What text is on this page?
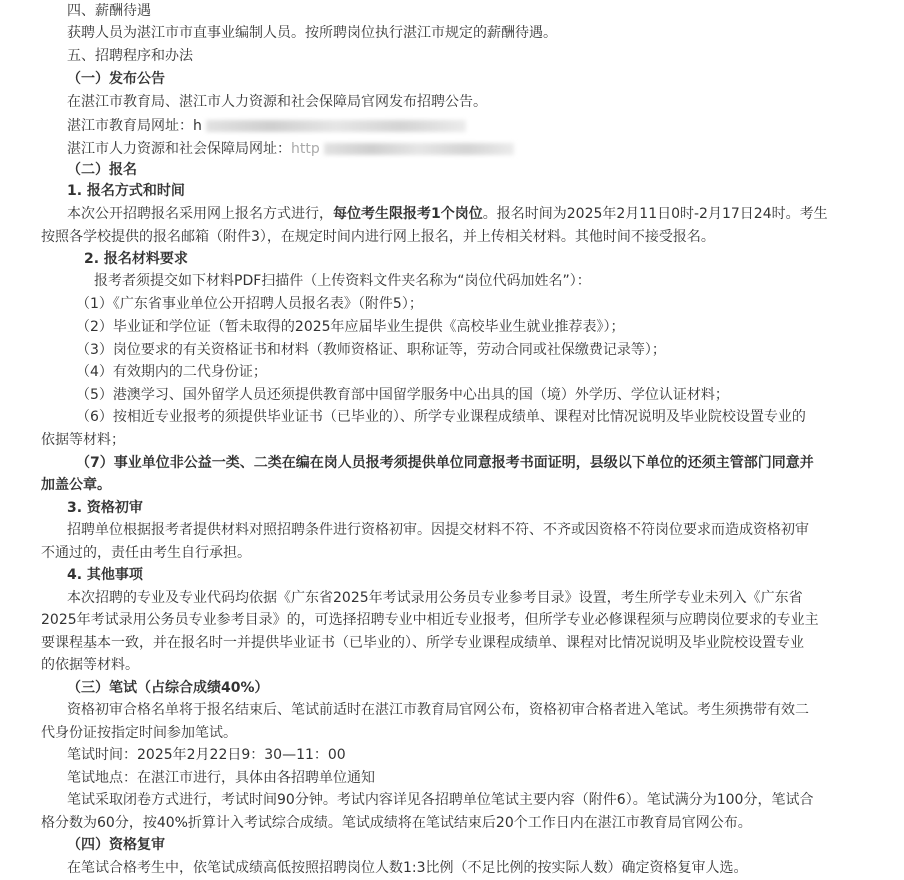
四、薪酬待遇
获聘人员为湛江市市直事业编制人员。按所聘岗位执行湛江市规定的薪酬待遇。
五、招聘程序和办法
（一）发布公告
在湛江市教育局、湛江市人力资源和社会保障局官网发布招聘公告。
湛江市教育局网址：h
湛江市人力资源和社会保障局网址：http
（二）报名
1. 报名方式和时间
本次公开招聘报名采用网上报名方式进行，每位考生限报考1个岗位。报名时间为2025年2月11日0时-2月17日24时。考生
按照各学校提供的报名邮箱（附件3），在规定时间内进行网上报名，并上传相关材料。其他时间不接受报名。
2. 报名材料要求
报考者须提交如下材料PDF扫描件（上传资料文件夹名称为“岗位代码加姓名”）：
（1）《广东省事业单位公开招聘人员报名表》（附件5）；
（2）毕业证和学位证（暂未取得的2025年应届毕业生提供《高校毕业生就业推荐表》）；
（3）岗位要求的有关资格证书和材料（教师资格证、职称证等，劳动合同或社保缴费记录等）；
（4）有效期内的二代身份证；
（5）港澳学习、国外留学人员还须提供教育部中国留学服务中心出具的国（境）外学历、学位认证材料；
（6）按相近专业报考的须提供毕业证书（已毕业的）、所学专业课程成绩单、课程对比情况说明及毕业院校设置专业的
依据等材料；
（7）事业单位非公益一类、二类在编在岗人员报考须提供单位同意报考书面证明，县级以下单位的还须主管部门同意并
加盖公章。
3. 资格初审
招聘单位根据报考者提供材料对照招聘条件进行资格初审。因提交材料不符、不齐或因资格不符岗位要求而造成资格初审
不通过的，责任由考生自行承担。
4. 其他事项
本次招聘的专业及专业代码均依据《广东省2025年考试录用公务员专业参考目录》设置，考生所学专业未列入《广东省
2025年考试录用公务员专业参考目录》的，可选择招聘专业中相近专业报考，但所学专业必修课程须与应聘岗位要求的专业主
要课程基本一致，并在报名时一并提供毕业证书（已毕业的）、所学专业课程成绩单、课程对比情况说明及毕业院校设置专业
的依据等材料。
（三）笔试（占综合成绩40%）
资格初审合格名单将于报名结束后、笔试前适时在湛江市教育局官网公布，资格初审合格者进入笔试。考生须携带有效二
代身份证按指定时间参加笔试。
笔试时间：2025年2月22日9：30—11：00
笔试地点：在湛江市进行，具体由各招聘单位通知
笔试采取闭卷方式进行，考试时间90分钟。考试内容详见各招聘单位笔试主要内容（附件6）。笔试满分为100分，笔试合
格分数为60分，按40%折算计入考试综合成绩。笔试成绩将在笔试结束后20个工作日内在湛江市教育局官网公布。
（四）资格复审
在笔试合格考生中，依笔试成绩高低按照招聘岗位人数1:3比例（不足比例的按实际人数）确定资格复审人选。
